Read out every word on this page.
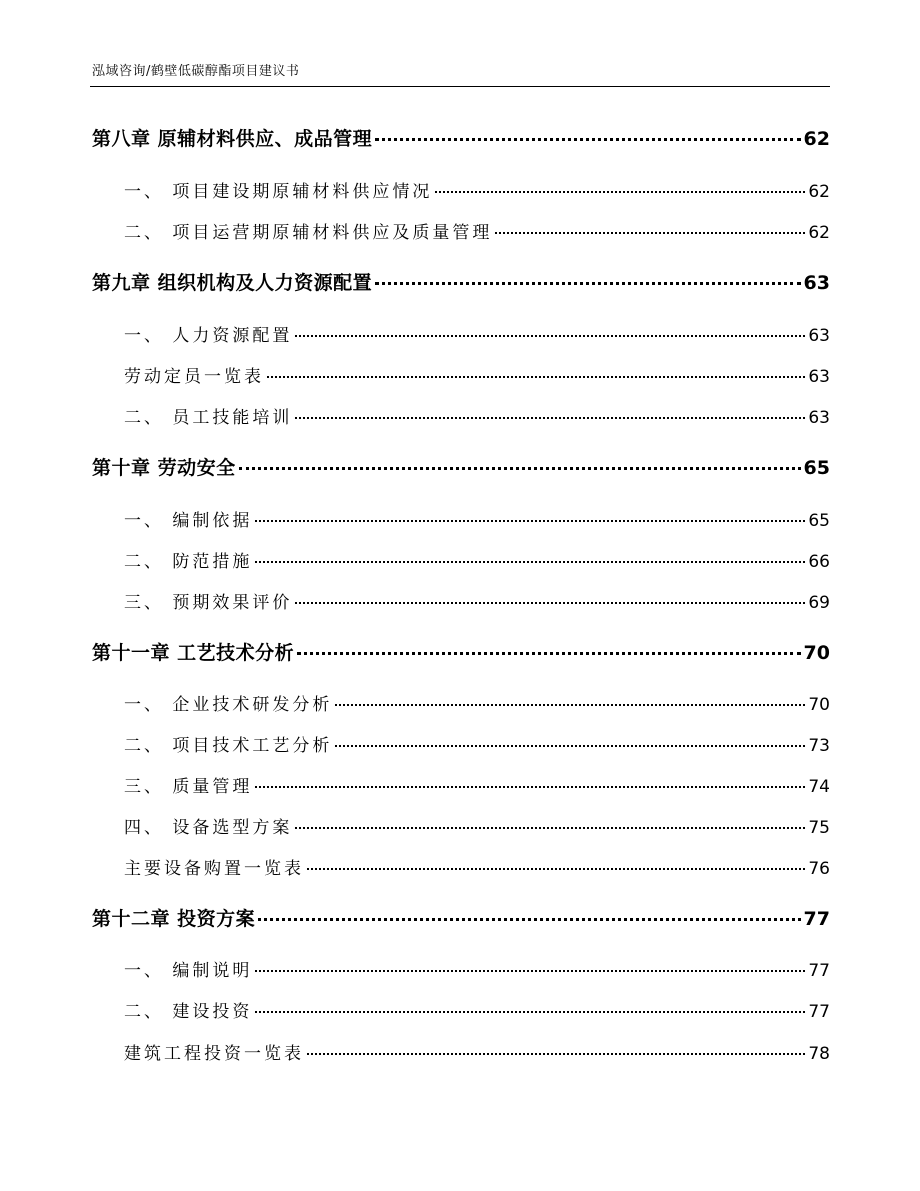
泓域咨询/鹤壁低碳醇酯项目建议书
第八章 原辅材料供应、成品管理	62
一、 项目建设期原辅材料供应情况	62
二、 项目运营期原辅材料供应及质量管理	62
第九章 组织机构及人力资源配置	63
一、 人力资源配置	63
劳动定员一览表	63
二、 员工技能培训	63
第十章 劳动安全	65
一、 编制依据	65
二、 防范措施	66
三、 预期效果评价	69
第十一章 工艺技术分析	70
一、 企业技术研发分析	70
二、 项目技术工艺分析	73
三、 质量管理	74
四、 设备选型方案	75
主要设备购置一览表	76
第十二章 投资方案	77
一、 编制说明	77
二、 建设投资	77
建筑工程投资一览表	78
